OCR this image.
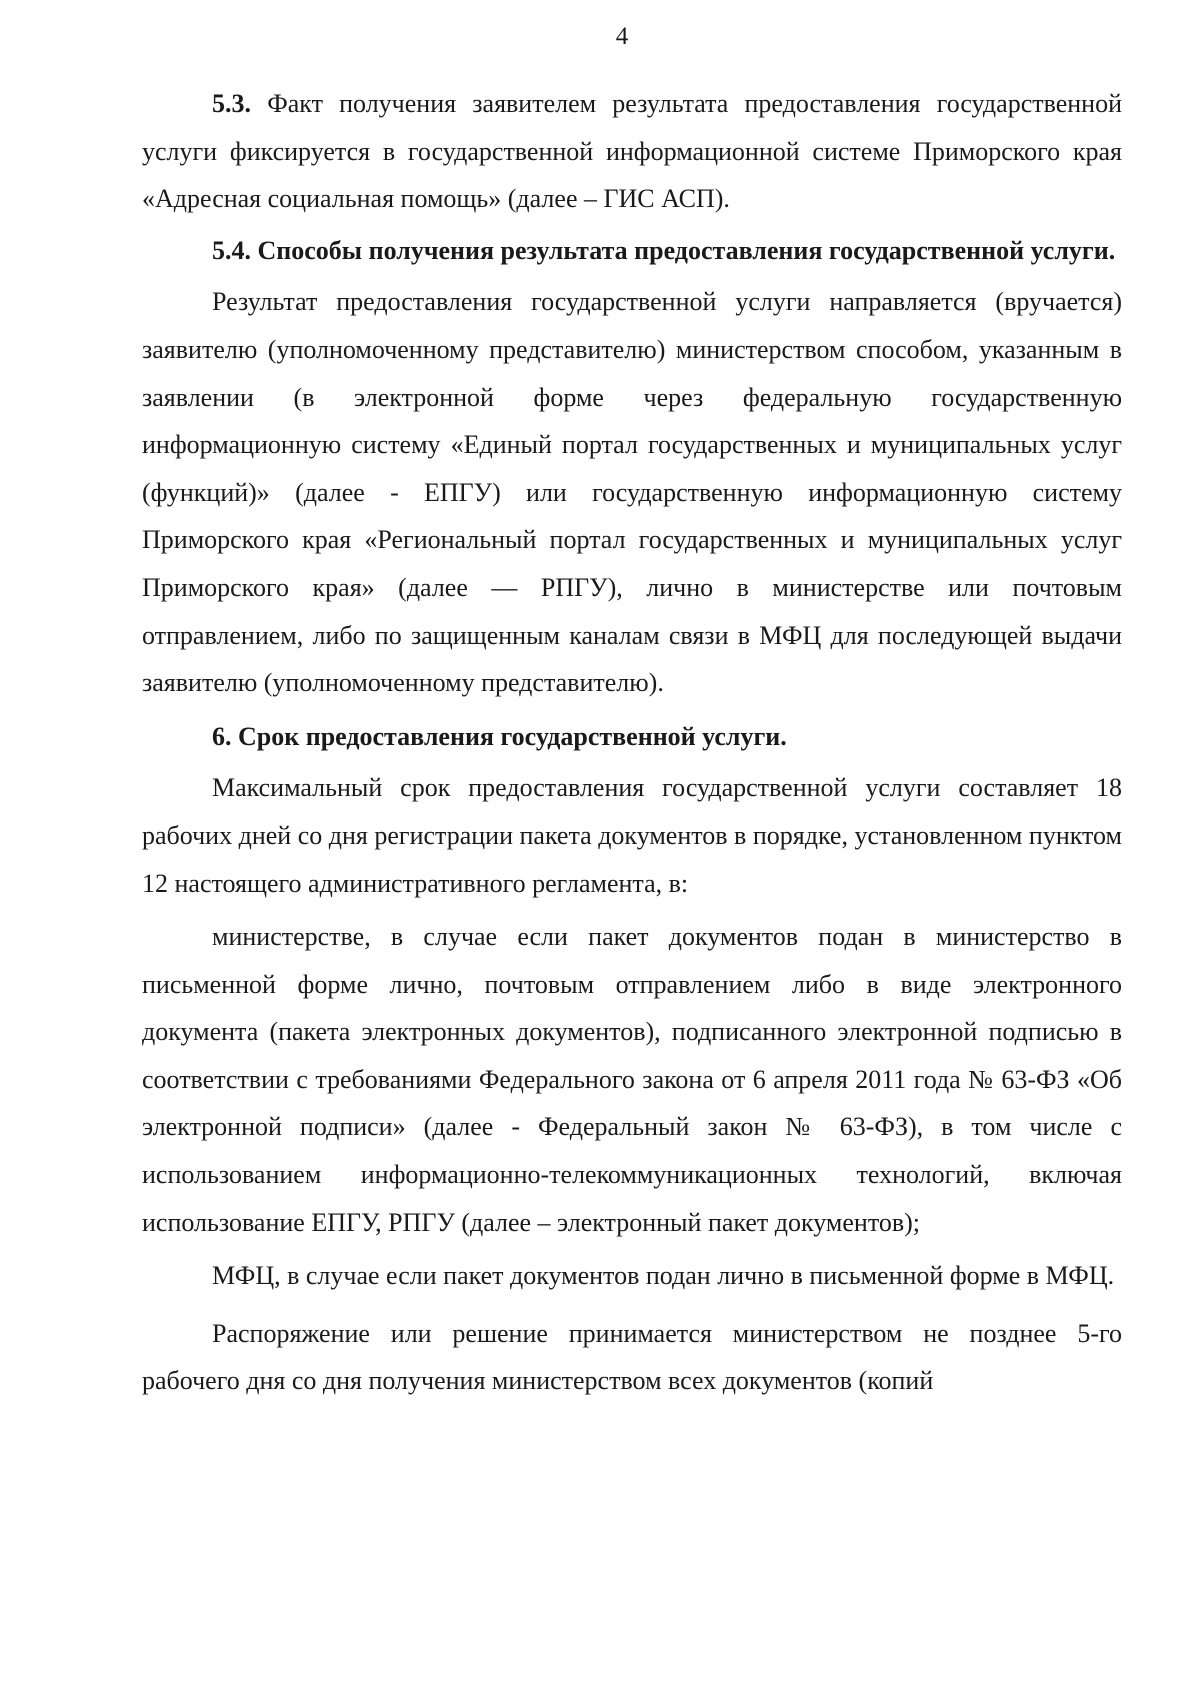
4

5.3. Факт получения заявителем результата предоставления государственной услуги фиксируется в государственной информационной системе Приморского края «Адресная социальная помощь» (далее – ГИС АСП).

5.4. Способы получения результата предоставления государственной услуги.

Результат предоставления государственной услуги направляется (вручается) заявителю (уполномоченному представителю) министерством способом, указанным в заявлении (в электронной форме через федеральную государственную информационную систему «Единый портал государственных и муниципальных услуг (функций)» (далее - ЕПГУ) или государственную информационную систему Приморского края «Региональный портал государственных и муниципальных услуг Приморского края» (далее — РПГУ), лично в министерстве или почтовым отправлением, либо по защищенным каналам связи в МФЦ для последующей выдачи заявителю (уполномоченному представителю).

6. Срок предоставления государственной услуги.

Максимальный срок предоставления государственной услуги составляет 18 рабочих дней со дня регистрации пакета документов в порядке, установленном пунктом 12 настоящего административного регламента, в:

министерстве, в случае если пакет документов подан в министерство в письменной форме лично, почтовым отправлением либо в виде электронного документа (пакета электронных документов), подписанного электронной подписью в соответствии с требованиями Федерального закона от 6 апреля 2011 года № 63-ФЗ «Об электронной подписи» (далее - Федеральный закон № 63-ФЗ), в том числе с использованием информационно-телекоммуникационных технологий, включая использование ЕПГУ, РПГУ (далее – электронный пакет документов);

МФЦ, в случае если пакет документов подан лично в письменной форме в МФЦ.

Распоряжение или решение принимается министерством не позднее 5-го рабочего дня со дня получения министерством всех документов (копий
